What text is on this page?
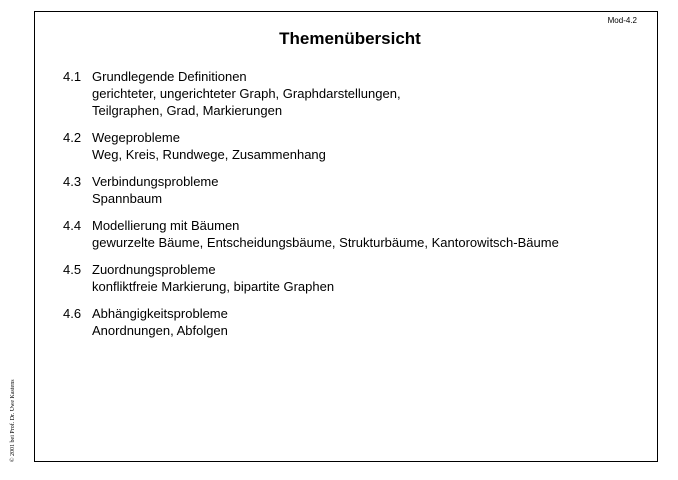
Mod-4.2
Themenübersicht
4.1 Grundlegende Definitionen
gerichteter, ungerichteter Graph, Graphdarstellungen,
Teilgraphen, Grad, Markierungen
4.2 Wegeprobleme
Weg, Kreis, Rundwege, Zusammenhang
4.3 Verbindungsprobleme
Spannbaum
4.4 Modellierung mit Bäumen
gewurzelte Bäume, Entscheidungsbäume, Strukturbäume, Kantorowitsch-Bäume
4.5 Zuordnungsprobleme
konfliktfreie Markierung, bipartite Graphen
4.6 Abhängigkeitsprobleme
Anordnungen, Abfolgen
© 2001 bei Prof. Dr. Uwe Kastens
